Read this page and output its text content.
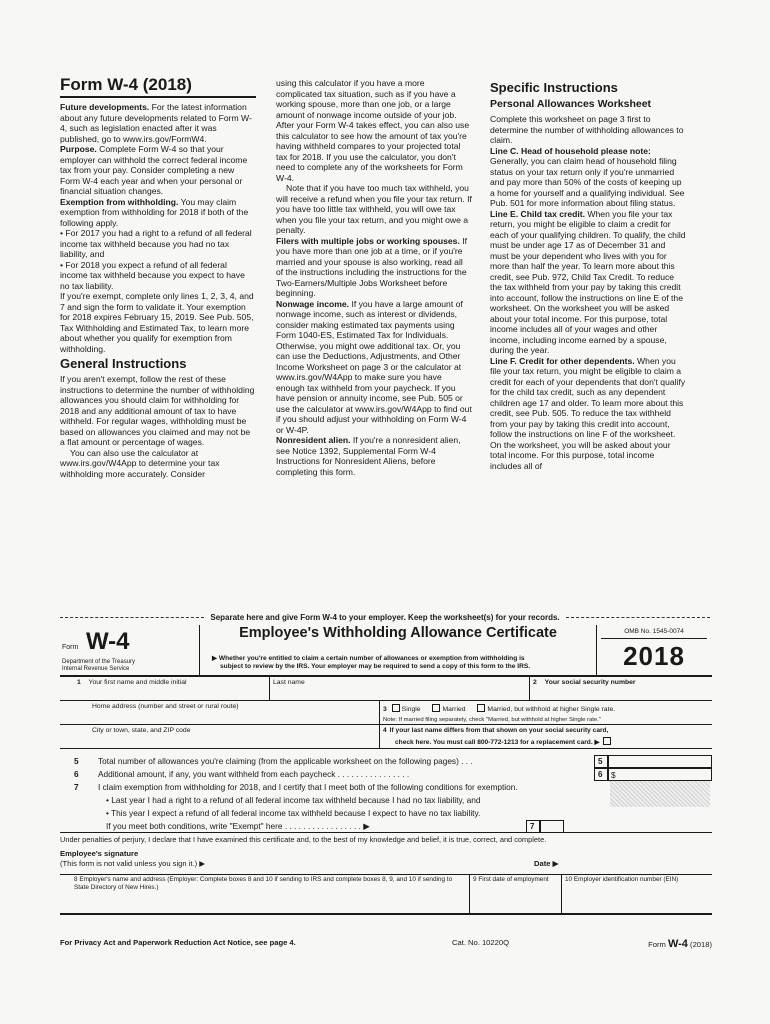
Form W-4 (2018)
Future developments. For the latest information about any future developments related to Form W-4, such as legislation enacted after it was published, go to www.irs.gov/FormW4.
Purpose. Complete Form W-4 so that your employer can withhold the correct federal income tax from your pay. Consider completing a new Form W-4 each year and when your personal or financial situation changes.
Exemption from withholding. You may claim exemption from withholding for 2018 if both of the following apply.
• For 2017 you had a right to a refund of all federal income tax withheld because you had no tax liability, and
• For 2018 you expect a refund of all federal income tax withheld because you expect to have no tax liability.
If you're exempt, complete only lines 1, 2, 3, 4, and 7 and sign the form to validate it. Your exemption for 2018 expires February 15, 2019. See Pub. 505, Tax Withholding and Estimated Tax, to learn more about whether you qualify for exemption from withholding.
General Instructions
If you aren't exempt, follow the rest of these instructions to determine the number of withholding allowances you should claim for withholding for 2018 and any additional amount of tax to have withheld. For regular wages, withholding must be based on allowances you claimed and may not be a flat amount or percentage of wages.
You can also use the calculator at www.irs.gov/W4App to determine your tax withholding more accurately. Consider
using this calculator if you have a more complicated tax situation, such as if you have a working spouse, more than one job, or a large amount of nonwage income outside of your job. After your Form W-4 takes effect, you can also use this calculator to see how the amount of tax you're having withheld compares to your projected total tax for 2018. If you use the calculator, you don't need to complete any of the worksheets for Form W-4.
Note that if you have too much tax withheld, you will receive a refund when you file your tax return. If you have too little tax withheld, you will owe tax when you file your tax return, and you might owe a penalty.
Filers with multiple jobs or working spouses. If you have more than one job at a time, or if you're married and your spouse is also working, read all of the instructions including the instructions for the Two-Earners/Multiple Jobs Worksheet before beginning.
Nonwage income. If you have a large amount of nonwage income, such as interest or dividends, consider making estimated tax payments using Form 1040-ES, Estimated Tax for Individuals. Otherwise, you might owe additional tax. Or, you can use the Deductions, Adjustments, and Other Income Worksheet on page 3 or the calculator at www.irs.gov/W4App to make sure you have enough tax withheld from your paycheck. If you have pension or annuity income, see Pub. 505 or use the calculator at www.irs.gov/W4App to find out if you should adjust your withholding on Form W-4 or W-4P.
Nonresident alien. If you're a nonresident alien, see Notice 1392, Supplemental Form W-4 Instructions for Nonresident Aliens, before completing this form.
Specific Instructions
Personal Allowances Worksheet
Complete this worksheet on page 3 first to determine the number of withholding allowances to claim.
Line C. Head of household please note: Generally, you can claim head of household filing status on your tax return only if you're unmarried and pay more than 50% of the costs of keeping up a home for yourself and a qualifying individual. See Pub. 501 for more information about filing status.
Line E. Child tax credit. When you file your tax return, you might be eligible to claim a credit for each of your qualifying children. To qualify, the child must be under age 17 as of December 31 and must be your dependent who lives with you for more than half the year. To learn more about this credit, see Pub. 972, Child Tax Credit. To reduce the tax withheld from your pay by taking this credit into account, follow the instructions on line E of the worksheet. On the worksheet you will be asked about your total income. For this purpose, total income includes all of your wages and other income, including income earned by a spouse, during the year.
Line F. Credit for other dependents. When you file your tax return, you might be eligible to claim a credit for each of your dependents that don't qualify for the child tax credit, such as any dependent children age 17 and older. To learn more about this credit, see Pub. 505. To reduce the tax withheld from your pay by taking this credit into account, follow the instructions on line F of the worksheet. On the worksheet, you will be asked about your total income. For this purpose, total income includes all of
Separate here and give Form W-4 to your employer. Keep the worksheet(s) for your records.
Form W-4
Department of the Treasury
Internal Revenue Service
Employee's Withholding Allowance Certificate
▶ Whether you're entitled to claim a certain number of allowances or exemption from withholding is
subject to review by the IRS. Your employer may be required to send a copy of this form to the IRS.
OMB No. 1545-0074
2018
1 Your first name and middle initial	Last name	2 Your social security number
Home address (number and street or rural route)	3 Single	Married	Married, but withhold at higher Single rate.
Note: If married filing separately, check "Married, but withhold at higher Single rate."
City or town, state, and ZIP code	4 If your last name differs from that shown on your social security card,
check here. You must call 800-772-1213 for a replacement card. ▶
5 Total number of allowances you're claiming (from the applicable worksheet on the following pages) . . .	5
6 Additional amount, if any, you want withheld from each paycheck . . . . . . . . . . . . . . . .	6 $
7 I claim exemption from withholding for 2018, and I certify that I meet both of the following conditions for exemption.
• Last year I had a right to a refund of all federal income tax withheld because I had no tax liability, and
• This year I expect a refund of all federal income tax withheld because I expect to have no tax liability.
If you meet both conditions, write "Exempt" here . . . . . . . . . . . . . . . . . ▶	7
Under penalties of perjury, I declare that I have examined this certificate and, to the best of my knowledge and belief, it is true, correct, and complete.
Employee's signature
(This form is not valid unless you sign it.) ▶	Date ▶
8 Employer's name and address (Employer: Complete boxes 8 and 10 if sending to IRS and complete boxes 8, 9, and 10 if sending to State Directory of New Hires.)
9 First date of employment	10 Employer identification number (EIN)
For Privacy Act and Paperwork Reduction Act Notice, see page 4.	Cat. No. 10220Q	Form W-4 (2018)
